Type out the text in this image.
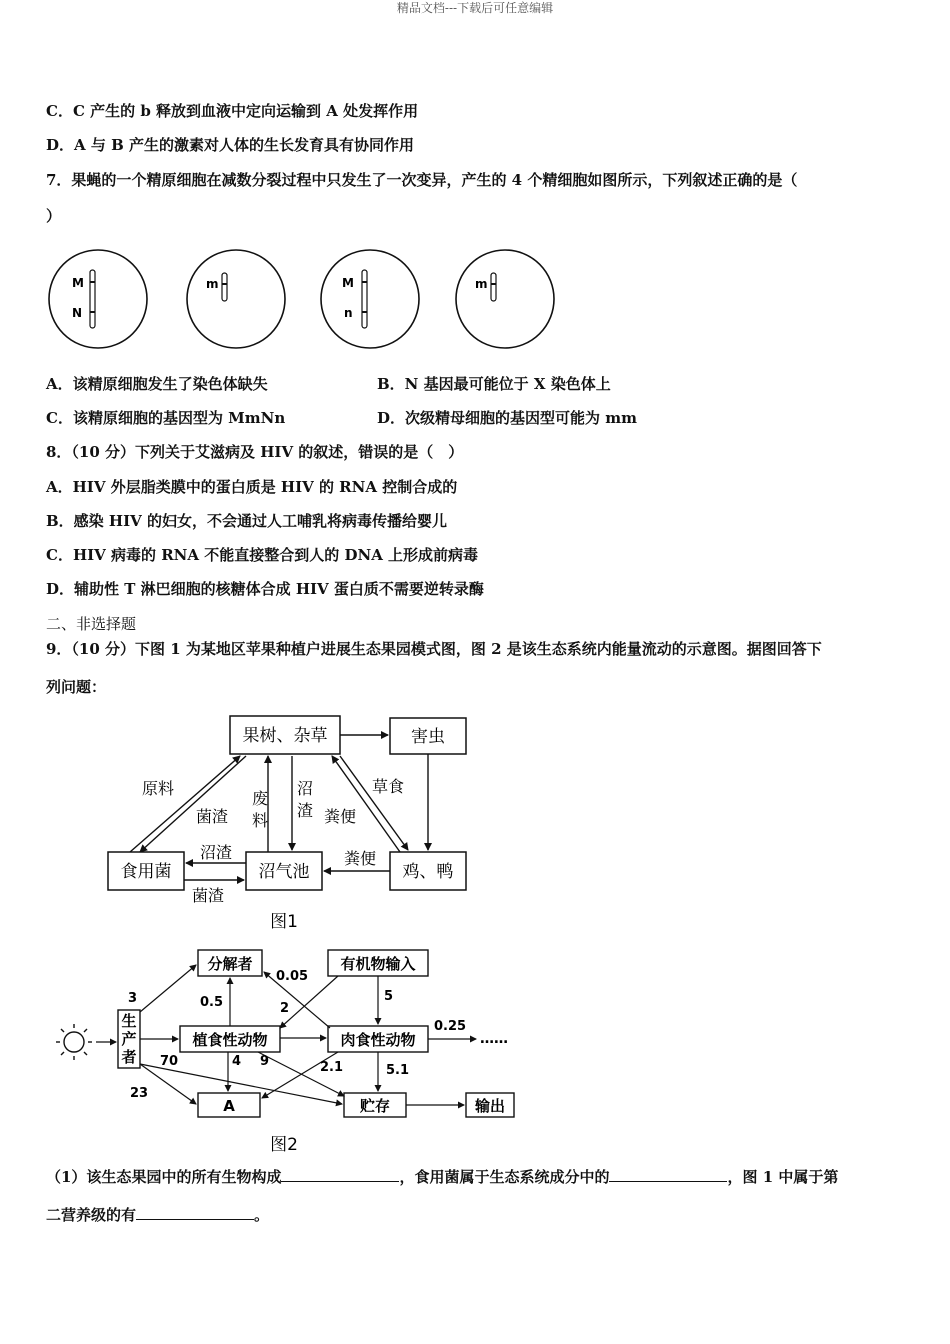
精品文档---下载后可任意编辑
C．C 产生的 b 释放到血液中定向运输到 A 处发挥作用
D．A 与 B 产生的激素对人体的生长发育具有协同作用
7．果蝇的一个精原细胞在减数分裂过程中只发生了一次变异，产生的 4 个精细胞如图所示，下列叙述正确的是（
）
M
N
m	M
n
m
A．该精原细胞发生了染色体缺失	B．N 基因最可能位于 X 染色体上
C．该精原细胞的基因型为 MmNn	D．次级精母细胞的基因型可能为 mm
8．（10 分）下列关于艾滋病及 HIV 的叙述，错误的是（　）
A．HIV 外层脂类膜中的蛋白质是 HIV 的 RNA 控制合成的
B．感染 HIV 的妇女，不会通过人工哺乳将病毒传播给婴儿
C．HIV 病毒的 RNA 不能直接整合到人的 DNA 上形成前病毒
D．辅助性 T 淋巴细胞的核糖体合成 HIV 蛋白质不需要逆转录酶
二、非选择题
9．（10 分）下图 1 为某地区苹果种植户进展生态果园模式图，图 2 是该生态系统内能量流动的示意图。据图回答下
列问题：
果树、杂草	害虫
食用菌	沼气池	鸡、鸭
原料
菌渣
废
料
沼
渣 粪便
草食
沼渣
菌渣
粪便
图1
生
产
者
分解者	有机物输入
植食性动物	肉食性动物
A	贮存	输出
3	0.5
0.05
2
5
0.25
70	4 9	2.1	5.1
23
……
图2
（1）该生态果园中的所有生物构成	，食用菌属于生态系统成分中的	，图 1 中属于第
二营养级的有	。
